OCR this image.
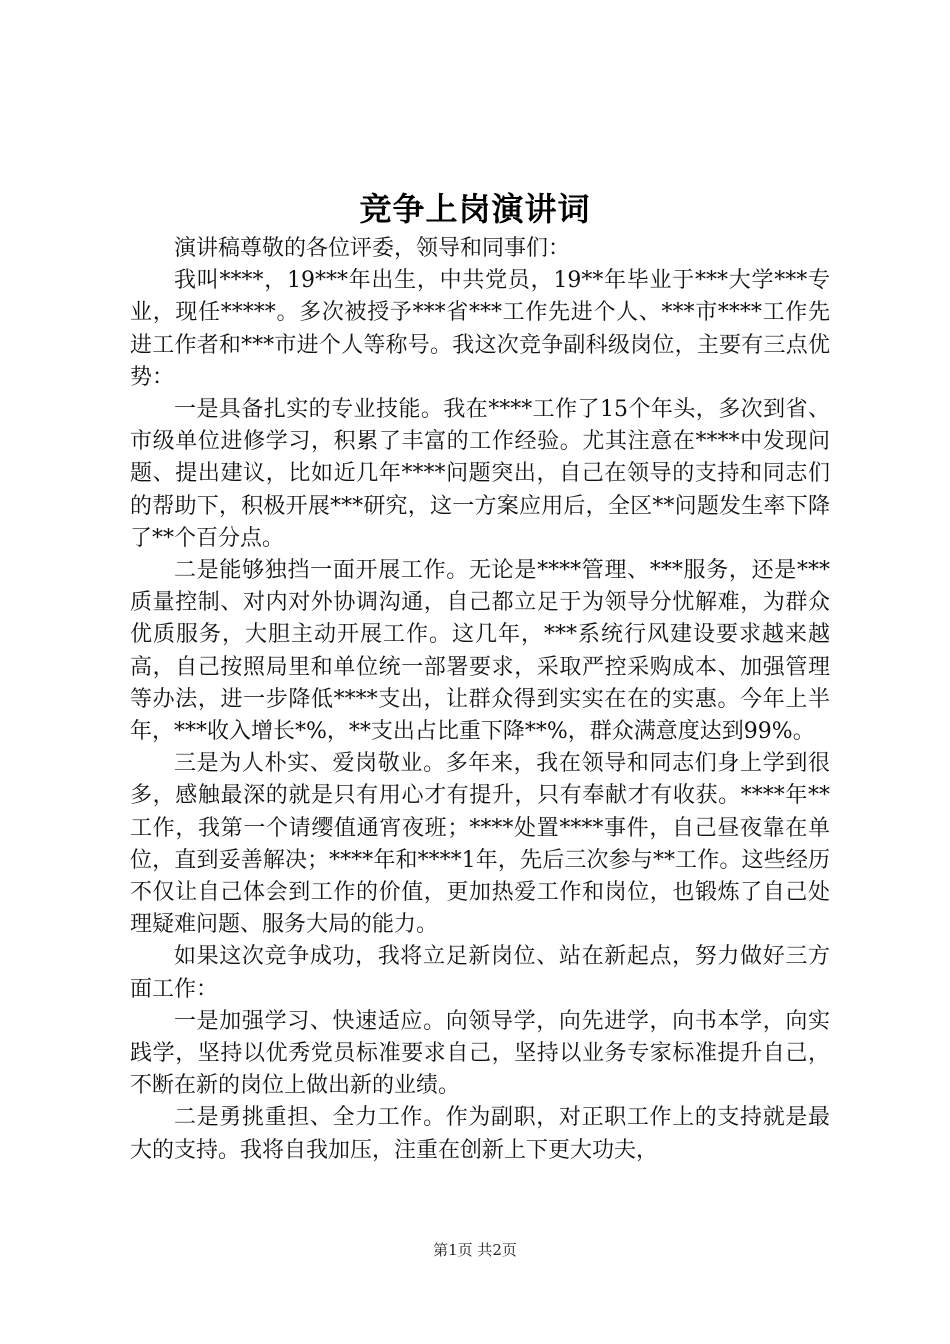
竞争上岗演讲词

演讲稿尊敬的各位评委，领导和同事们：

我叫****，19***年出生，中共党员，19**年毕业于***大学***专业，现任*****。多次被授予***省***工作先进个人、***市****工作先进工作者和***市进个人等称号。我这次竞争副科级岗位，主要有三点优势：

一是具备扎实的专业技能。我在****工作了15个年头，多次到省、市级单位进修学习，积累了丰富的工作经验。尤其注意在****中发现问题、提出建议，比如近几年****问题突出，自己在领导的支持和同志们的帮助下，积极开展***研究，这一方案应用后，全区**问题发生率下降了**个百分点。

二是能够独挡一面开展工作。无论是****管理、***服务，还是***质量控制、对内对外协调沟通，自己都立足于为领导分忧解难，为群众优质服务，大胆主动开展工作。这几年，***系统行风建设要求越来越高，自己按照局里和单位统一部署要求，采取严控采购成本、加强管理等办法，进一步降低****支出，让群众得到实实在在的实惠。今年上半年，***收入增长*%，**支出占比重下降**%，群众满意度达到99%。

三是为人朴实、爱岗敬业。多年来，我在领导和同志们身上学到很多，感触最深的就是只有用心才有提升，只有奉献才有收获。****年**工作，我第一个请缨值通宵夜班；****处置****事件，自己昼夜靠在单位，直到妥善解决；****年和****1年，先后三次参与**工作。这些经历不仅让自己体会到工作的价值，更加热爱工作和岗位，也锻炼了自己处理疑难问题、服务大局的能力。

如果这次竞争成功，我将立足新岗位、站在新起点，努力做好三方面工作：

一是加强学习、快速适应。向领导学，向先进学，向书本学，向实践学，坚持以优秀党员标准要求自己，坚持以业务专家标准提升自己，不断在新的岗位上做出新的业绩。

二是勇挑重担、全力工作。作为副职，对正职工作上的支持就是最大的支持。我将自我加压，注重在创新上下更大功夫，

第1页 共2页
